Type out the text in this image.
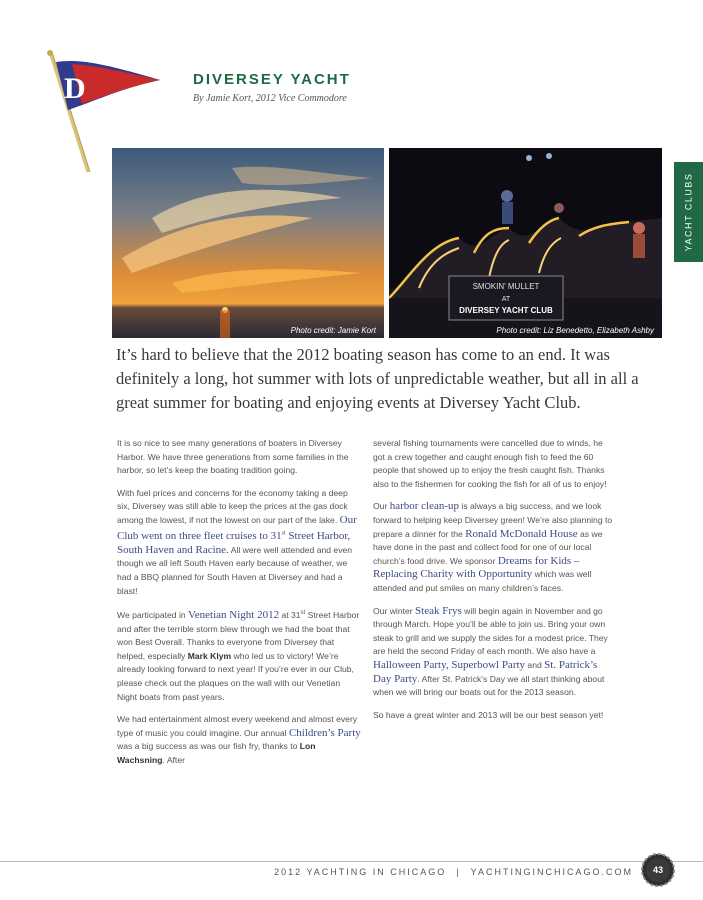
D	DIVERSEY YACHT
By Jamie Kort, 2012 Vice Commodore
YACHT CLUBS
Photo credit: Jamie Kort
SMOKIN' MULLET
AT
DIVERSEY YACHT CLUB
Photo credit: Liz Benedetto, Elizabeth Ashby
It’s hard to believe that the 2012 boating season has come to an end. It was definitely a long, hot summer with lots of unpredictable weather, but all in all a great summer for boating and enjoying events at Diversey Yacht Club.

It is so nice to see many generations of boaters in Diversey Harbor. We have three generations from some families in the harbor, so let’s keep the boating tradition going.

With fuel prices and concerns for the economy taking a deep six, Diversey was still able to keep the prices at the gas dock among the lowest, if not the lowest on our part of the lake. Our Club went on three fleet cruises to 31st Street Harbor, South Haven and Racine. All were well attended and even though we all left South Haven early because of weather, we had a BBQ planned for South Haven at Diversey and had a blast!

We participated in Venetian Night 2012 at 31st Street Harbor and after the terrible storm blew through we had the boat that won Best Overall. Thanks to everyone from Diversey that helped, especially Mark Klym who led us to victory! We’re already looking forward to next year! If you’re ever in our Club, please check out the plaques on the wall with our Venetian Night boats from past years.

We had entertainment almost every weekend and almost every type of music you could imagine. Our annual Children’s Party was a big success as was our fish fry, thanks to Lon Wachsning. After

several fishing tournaments were cancelled due to winds, he got a crew together and caught enough fish to feed the 60 people that showed up to enjoy the fresh caught fish. Thanks also to the fishermen for cooking the fish for all of us to enjoy!

Our harbor clean-up is always a big success, and we look forward to helping keep Diversey green! We’re also planning to prepare a dinner for the Ronald McDonald House as we have done in the past and collect food for one of our local church’s food drive. We sponsor Dreams for Kids – Replacing Charity with Opportunity which was well attended and put smiles on many children’s faces.

Our winter Steak Frys will begin again in November and go through March. Hope you’ll be able to join us. Bring your own steak to grill and we supply the sides for a modest price. They are held the second Friday of each month. We also have a Halloween Party, Superbowl Party and St. Patrick’s Day Party. After St. Patrick’s Day we all start thinking about when we will bring our boats out for the 2013 season.

So have a great winter and 2013 will be our best season yet!

2012 YACHTING IN CHICAGO | YACHTINGINCHICAGO.COM	43
